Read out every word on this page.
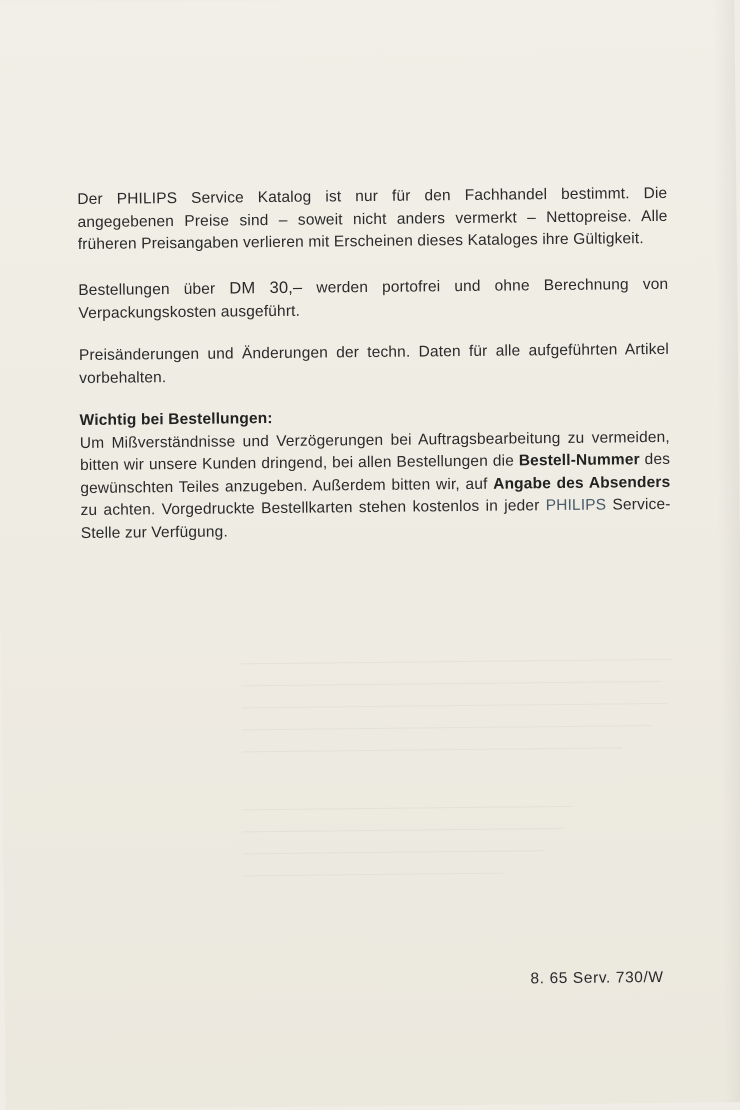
Der PHILIPS Service Katalog ist nur für den Fachhandel bestimmt. Die angegebenen Preise sind – soweit nicht anders vermerkt – Nettopreise. Alle früheren Preisangaben verlieren mit Erscheinen dieses Kataloges ihre Gültigkeit.

Bestellungen über DM 30,– werden portofrei und ohne Berechnung von Verpackungskosten ausgeführt.

Preisänderungen und Änderungen der techn. Daten für alle aufgeführten Artikel vorbehalten.

Wichtig bei Bestellungen:
Um Mißverständnisse und Verzögerungen bei Auftragsbearbeitung zu vermeiden, bitten wir unsere Kunden dringend, bei allen Bestellungen die Bestell-Nummer des gewünschten Teiles anzugeben. Außerdem bitten wir, auf Angabe des Absenders zu achten. Vorgedruckte Bestellkarten stehen kostenlos in jeder PHILIPS Service-Stelle zur Verfügung.
8. 65 Serv. 730/W
